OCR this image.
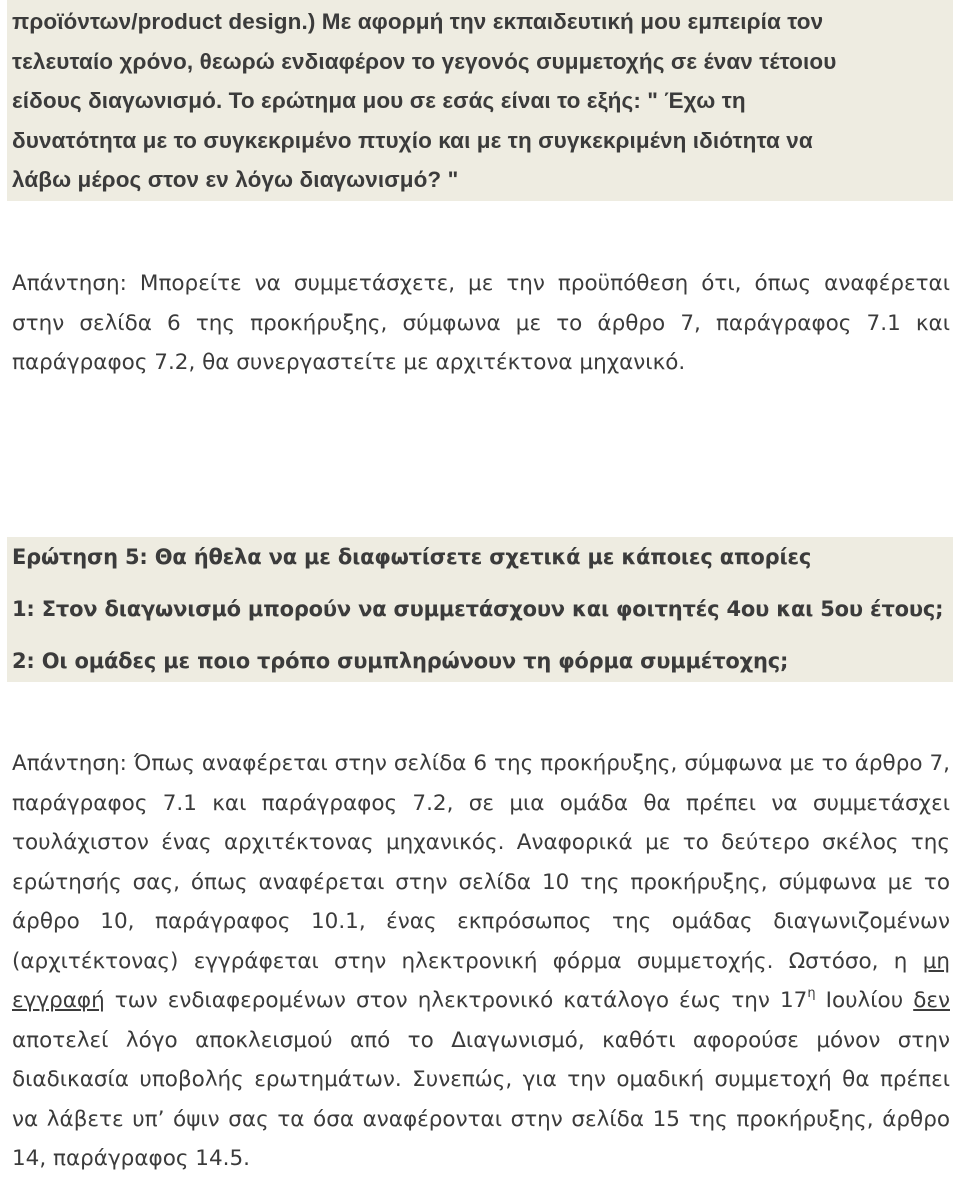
προϊόντων/product design.) Με αφορμή την εκπαιδευτική μου εμπειρία τον
τελευταίο χρόνο, θεωρώ ενδιαφέρον το γεγονός συμμετοχής σε έναν τέτοιου
είδους διαγωνισμό. Το ερώτημα μου σε εσάς είναι το εξής: " Έχω τη
δυνατότητα με το συγκεκριμένο πτυχίο και με τη συγκεκριμένη ιδιότητα να
λάβω μέρος στον εν λόγω διαγωνισμό? "

Απάντηση: Μπορείτε να συμμετάσχετε, με την προϋπόθεση ότι, όπως αναφέρεται στην σελίδα 6 της προκήρυξης, σύμφωνα με το άρθρο 7, παράγραφος 7.1 και παράγραφος 7.2, θα συνεργαστείτε με αρχιτέκτονα μηχανικό.

Ερώτηση 5: Θα ήθελα να με διαφωτίσετε σχετικά με κάποιες απορίες
1: Στον διαγωνισμό μπορούν να συμμετάσχουν και φοιτητές 4ου και 5ου έτους;
2: Οι ομάδες με ποιο τρόπο συμπληρώνουν τη φόρμα συμμέτοχης;

Απάντηση: Όπως αναφέρεται στην σελίδα 6 της προκήρυξης, σύμφωνα με το άρθρο 7, παράγραφος 7.1 και παράγραφος 7.2, σε μια ομάδα θα πρέπει να συμμετάσχει τουλάχιστον ένας αρχιτέκτονας μηχανικός. Αναφορικά με το δεύτερο σκέλος της ερώτησής σας, όπως αναφέρεται στην σελίδα 10 της προκήρυξης, σύμφωνα με το άρθρο 10, παράγραφος 10.1, ένας εκπρόσωπος της ομάδας διαγωνιζομένων (αρχιτέκτονας) εγγράφεται στην ηλεκτρονική φόρμα συμμετοχής. Ωστόσο, η μη εγγραφή των ενδιαφερομένων στον ηλεκτρονικό κατάλογο έως την $17^\eta$ Ιουλίου δεν αποτελεί λόγο αποκλεισμού από το Διαγωνισμό, καθότι αφορούσε μόνον στην διαδικασία υποβολής ερωτημάτων. Συνεπώς, για την ομαδική συμμετοχή θα πρέπει να λάβετε υπ’ όψιν σας τα όσα αναφέρονται στην σελίδα 15 της προκήρυξης, άρθρο 14, παράγραφος 14.5.
